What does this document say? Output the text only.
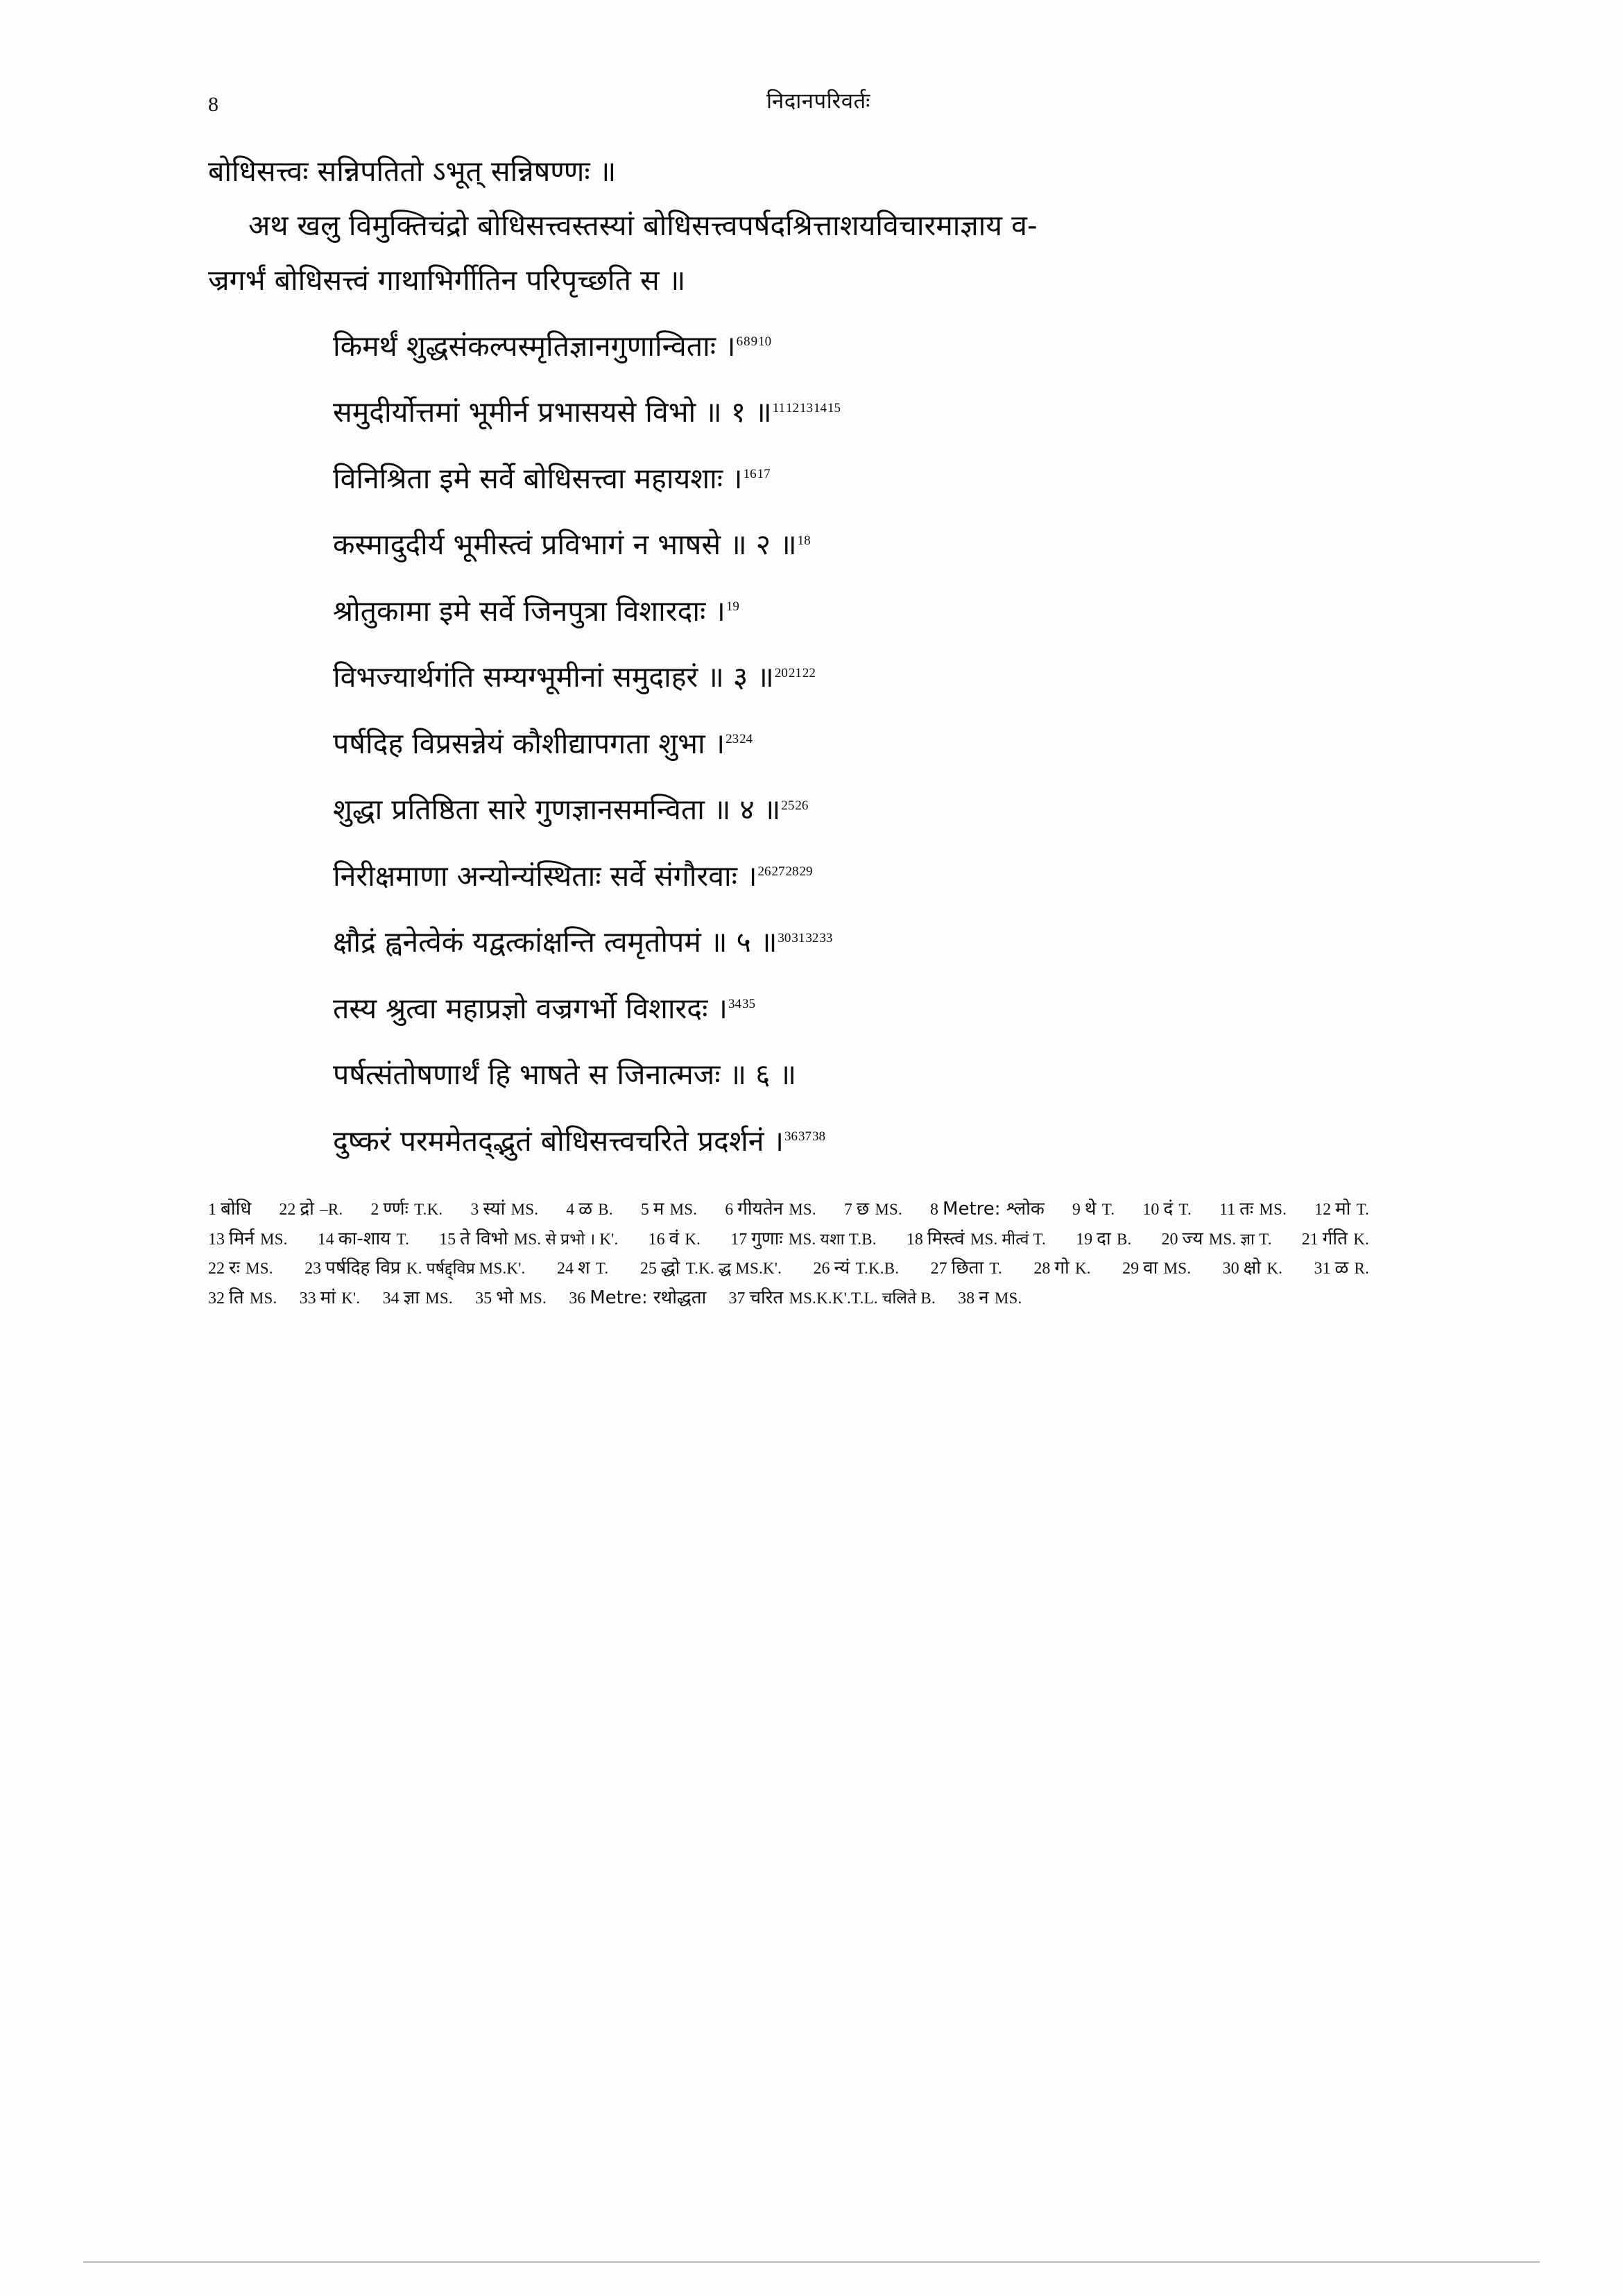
8	निदानपरिवर्तः
बोधिसत्त्वः सन्निपतितो ऽभूत् सन्निषण्णः ॥
अथ खलु विमुक्तिचंद्रो बोधिसत्त्वस्तस्यां बोधिसत्त्वपर्षदश्रित्ताशयविचारमाज्ञाय व-
ज्रगर्भं बोधिसत्त्वं गाथाभिर्गीतिन परिपृच्छति स ॥
किमर्थं शुद्धसंकल्पस्मृतिज्ञानगुणान्विताः ।$^{68910}$
समुदीर्योत्तमां भूमीर्न प्रभासयसे विभो ॥ १ ॥$^{1112131415}$
विनिश्रिता इमे सर्वे बोधिसत्त्वा महायशाः ।$^{1617}$
कस्मादुदीर्य भूमीस्त्वं प्रविभागं न भाषसे ॥ २ ॥$^{18}$
श्रोतुकामा इमे सर्वे जिनपुत्रा विशारदाः ।$^{19}$
विभज्यार्थगंति सम्यग्भूमीनां समुदाहरं ॥ ३ ॥$^{202122}$
पर्षदिह विप्रसन्नेयं कौशीद्यापगता शुभा ।$^{2324}$
शुद्धा प्रतिष्ठिता सारे गुणज्ञानसमन्विता ॥ ४ ॥$^{2526}$
निरीक्षमाणा अन्योन्यंस्थिताः सर्वे संगौरवाः ।$^{26272829}$
क्षौद्रं ह्वनेत्वेकं यद्वत्कांक्षन्ति त्वमृतोपमं ॥ ५ ॥$^{30313233}$
तस्य श्रुत्वा महाप्रज्ञो वज्रगर्भो विशारदः ।$^{3435}$
पर्षत्संतोषणार्थं हि भाषते स जिनात्मजः ॥ ६ ॥
दुष्करं परममेतद्‌द्भुतं बोधिसत्त्वचरिते प्रदर्शनं ।$^{363738}$
1 बोधि 22 द्रो –R. 2 र्ण्णः T.K. 3 स्यां MS. 4 ळ B. 5 म MS. 6 गीयतेन MS. 7 छ MS. 8 Metre: श्लोक 9 थे T. 10 दं T. 11 तः MS. 12 मो T. 13 मिर्न MS. 14 का-शाय T. 15 ते विभो MS. से प्रभो । K'. 16 वं K. 17 गुणाः MS. यशा T.B. 18 मिस्त्वं MS. मीत्वं T. 19 दा B. 20 ज्य MS. ज्ञा T. 21 र्गति K. 22 रः MS. 23 पर्षदिह विप्र K. पर्षद्द्विप्र MS.K'. 24 श T. 25 द्धो T.K. द्ध MS.K'. 26 न्यं T.K.B. 27 छिता T. 28 गो K. 29 वा MS. 30 क्षो K. 31 ळ R. 32 ति MS. 33 मां K'. 34 ज्ञा MS. 35 भो MS. 36 Metre: रथोद्धता 37 चरित MS.K.K'.T.L. चलिते B. 38 न MS.
